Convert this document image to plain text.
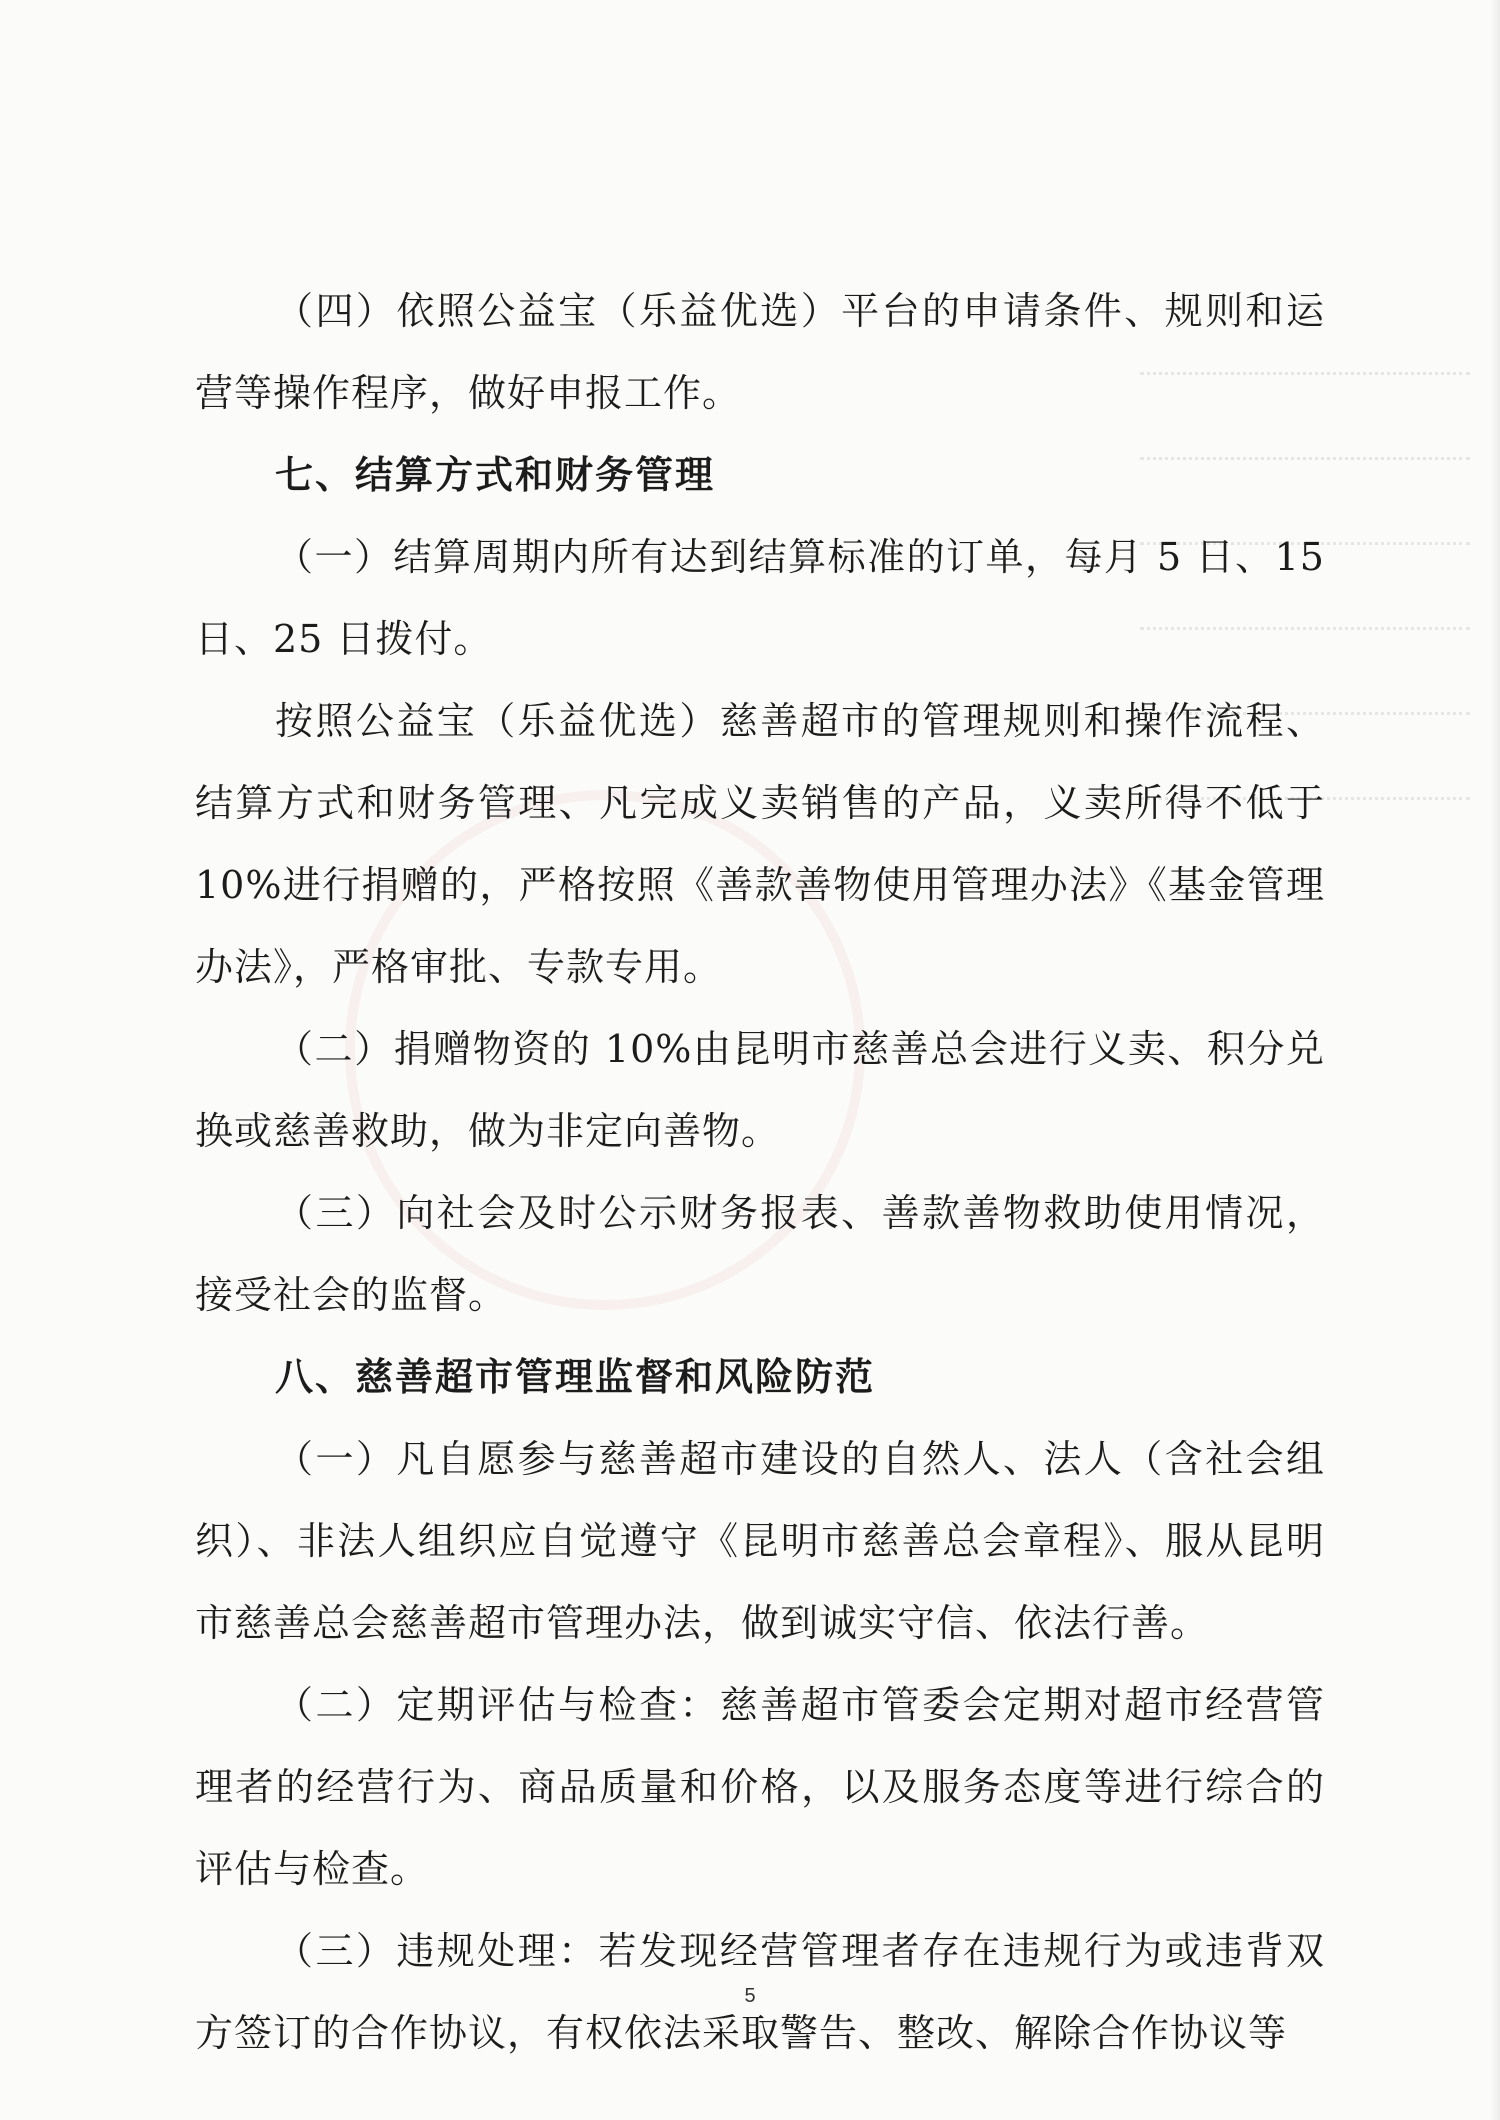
（四）依照公益宝（乐益优选）平台的申请条件、规则和运营等操作程序，做好申报工作。

七、结算方式和财务管理

（一）结算周期内所有达到结算标准的订单，每月 5 日、15 日、25 日拨付。

按照公益宝（乐益优选）慈善超市的管理规则和操作流程、结算方式和财务管理、凡完成义卖销售的产品，义卖所得不低于10%进行捐赠的，严格按照《善款善物使用管理办法》《基金管理办法》，严格审批、专款专用。

（二）捐赠物资的 10%由昆明市慈善总会进行义卖、积分兑换或慈善救助，做为非定向善物。

（三）向社会及时公示财务报表、善款善物救助使用情况，接受社会的监督。

八、慈善超市管理监督和风险防范

（一）凡自愿参与慈善超市建设的自然人、法人（含社会组织）、非法人组织应自觉遵守《昆明市慈善总会章程》、服从昆明市慈善总会慈善超市管理办法，做到诚实守信、依法行善。

（二）定期评估与检查：慈善超市管委会定期对超市经营管理者的经营行为、商品质量和价格，以及服务态度等进行综合的评估与检查。

（三）违规处理：若发现经营管理者存在违规行为或违背双方签订的合作协议，有权依法采取警告、整改、解除合作协议等

5
